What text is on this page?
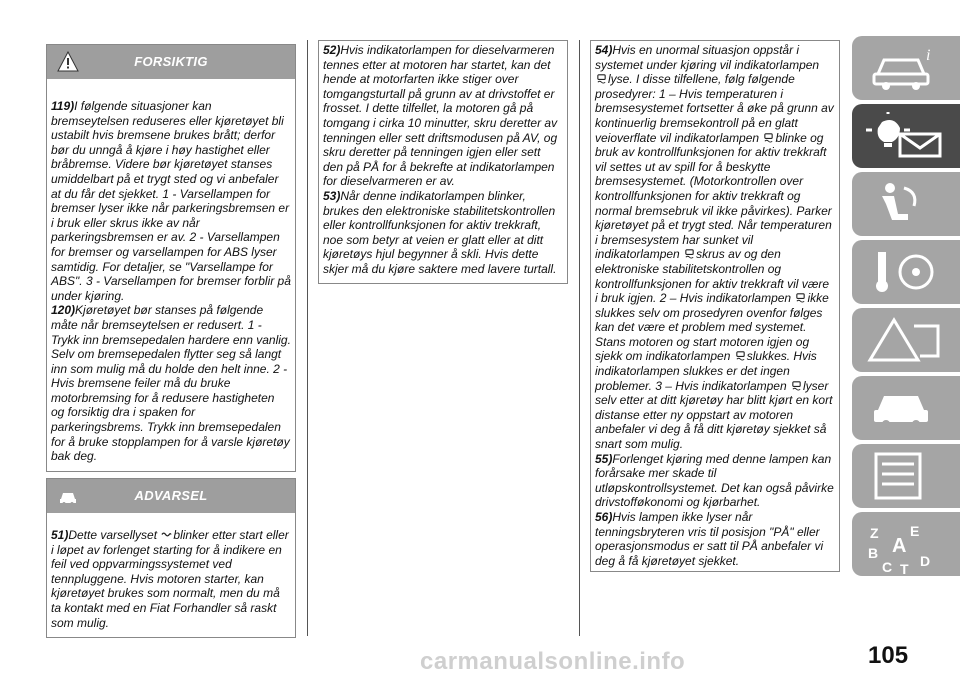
FORSIKTIG

119)I følgende situasjoner kan bremseytelsen reduseres eller kjøretøyet bli ustabilt hvis bremsene brukes brått; derfor bør du unngå å kjøre i høy hastighet eller bråbremse. Videre bør kjøretøyet stanses umiddelbart på et trygt sted og vi anbefaler at du får det sjekket. 1 - Varsellampen for bremser lyser ikke når parkeringsbremsen er i bruk eller skrus ikke av når parkeringsbremsen er av. 2 - Varsellampen for bremser og varsellampen for ABS lyser samtidig. For detaljer, se "Varsellampe for ABS". 3 - Varsellampen for bremser forblir på under kjøring.

120)Kjøretøyet bør stanses på følgende måte når bremseytelsen er redusert. 1 - Trykk inn bremsepedalen hardere enn vanlig. Selv om bremsepedalen flytter seg så langt inn som mulig må du holde den helt inne. 2 - Hvis bremsene feiler må du bruke motorbremsing for å redusere hastigheten og forsiktig dra i spaken for parkeringsbrems. Trykk inn bremsepedalen for å bruke stopplampen for å varsle kjøretøy bak deg.

ADVARSEL

51)Dette varsellyset blinker etter start eller i løpet av forlenget starting for å indikere en feil ved oppvarmingssystemet ved tennpluggene. Hvis motoren starter, kan kjøretøyet brukes som normalt, men du må ta kontakt med en Fiat Forhandler så raskt som mulig.

52)Hvis indikatorlampen for dieselvarmeren tennes etter at motoren har startet, kan det hende at motorfarten ikke stiger over tomgangsturtall på grunn av at drivstoffet er frosset. I dette tilfellet, la motoren gå på tomgang i cirka 10 minutter, skru deretter av tenningen eller sett driftsmodusen på AV, og skru deretter på tenningen igjen eller sett den på PÅ for å bekrefte at indikatorlampen for dieselvarmeren er av.

53)Når denne indikatorlampen blinker, brukes den elektroniske stabilitetskontrollen eller kontrollfunksjonen for aktiv trekkraft, noe som betyr at veien er glatt eller at ditt kjøretøys hjul begynner å skli. Hvis dette skjer må du kjøre saktere med lavere turtall.

54)Hvis en unormal situasjon oppstår i systemet under kjøring vil indikatorlampen lyse. I disse tilfellene, følg følgende prosedyrer: 1 – Hvis temperaturen i bremsesystemet fortsetter å øke på grunn av kontinuerlig bremsekontroll på en glatt veioverflate vil indikatorlampen blinke og bruk av kontrollfunksjonen for aktiv trekkraft vil settes ut av spill for å beskytte bremsesystemet. (Motorkontrollen over kontrollfunksjonen for aktiv trekkraft og normal bremsebruk vil ikke påvirkes). Parker kjøretøyet på et trygt sted. Når temperaturen i bremsesystem har sunket vil indikatorlampen skrus av og den elektroniske stabilitetskontrollen og kontrollfunksjonen for aktiv trekkraft vil være i bruk igjen. 2 – Hvis indikatorlampen ikke slukkes selv om prosedyren ovenfor følges kan det være et problem med systemet. Stans motoren og start motoren igjen og sjekk om indikatorlampen slukkes. Hvis indikatorlampen slukkes er det ingen problemer. 3 – Hvis indikatorlampen lyser selv etter at ditt kjøretøy har blitt kjørt en kort distanse etter ny oppstart av motoren anbefaler vi deg å få ditt kjøretøy sjekket så snart som mulig.

55)Forlenget kjøring med denne lampen kan forårsake mer skade til utløpskontrollsystemet. Det kan også påvirke drivstofføkonomi og kjørbarhet.

56)Hvis lampen ikke lyser når tenningsbryteren vris til posisjon "PÅ" eller operasjonsmodus er satt til PÅ anbefaler vi deg å få kjøretøyet sjekket.

i
Z E
A
B
C T D
105
carmanualsonline.info
